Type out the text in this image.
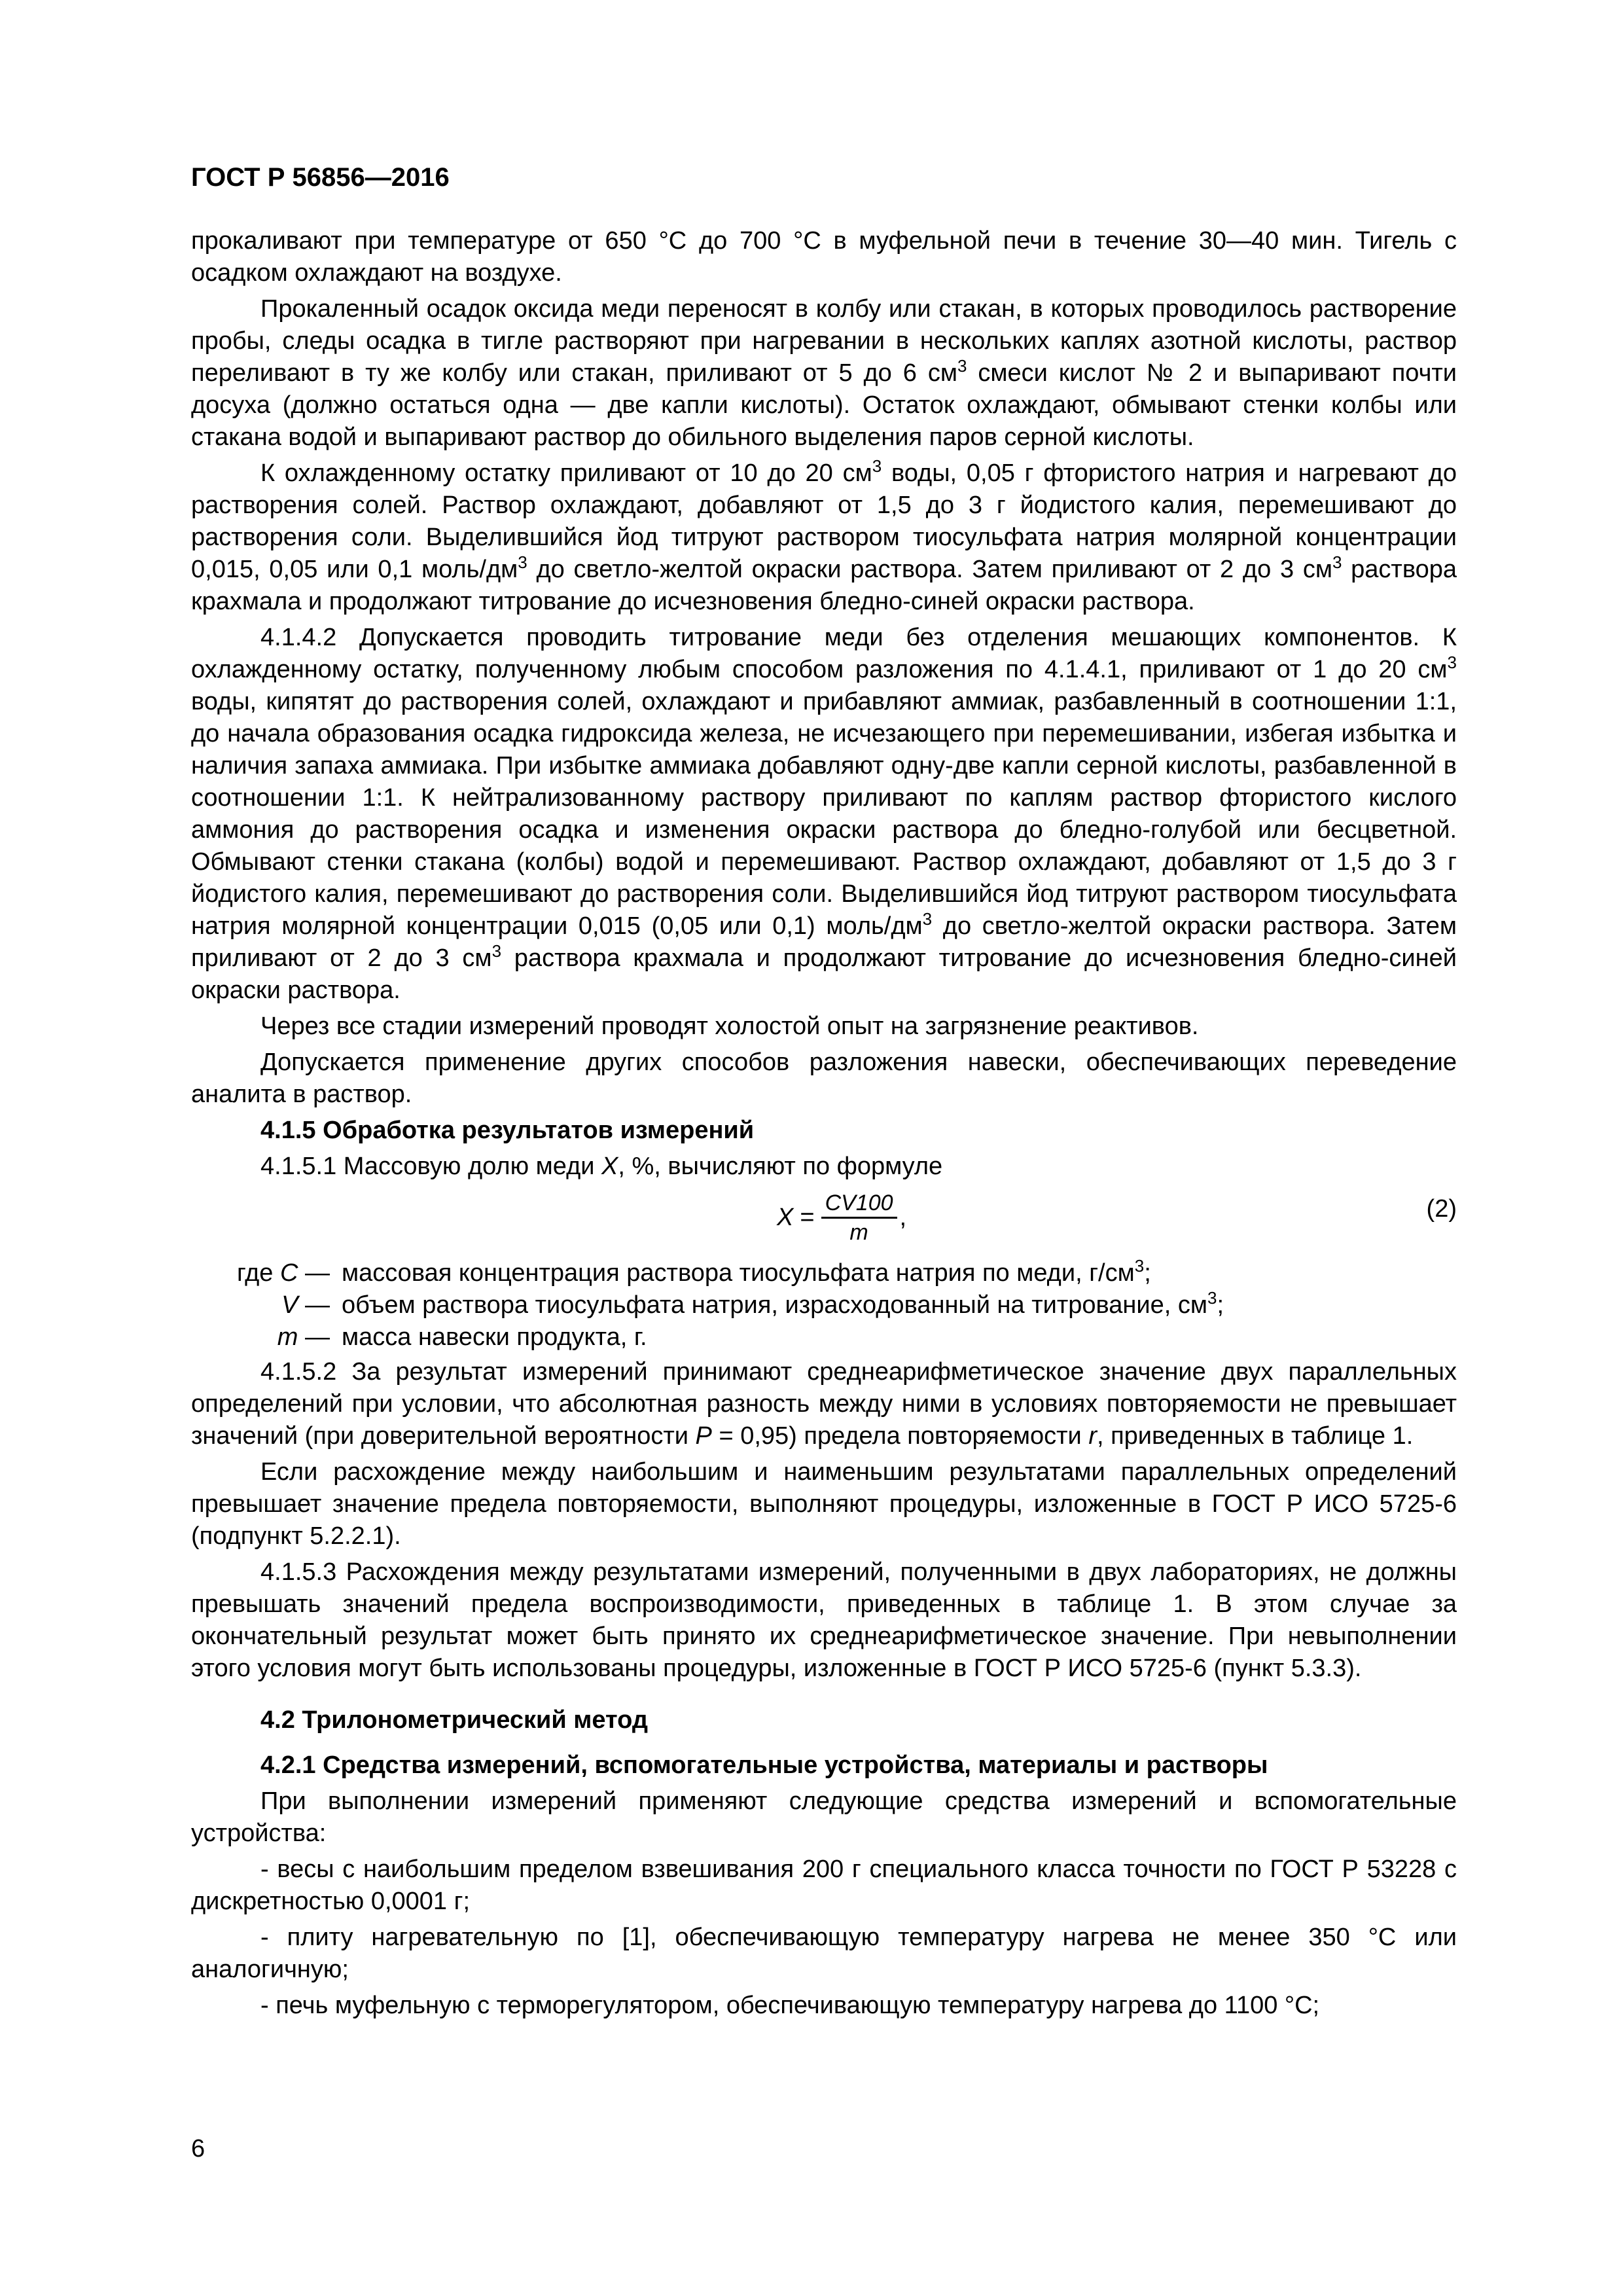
ГОСТ Р 56856—2016

прокаливают при температуре от 650 °С до 700 °С в муфельной печи в течение 30—40 мин. Тигель с осадком охлаждают на воздухе.

Прокаленный осадок оксида меди переносят в колбу или стакан, в которых проводилось растворение пробы, следы осадка в тигле растворяют при нагревании в нескольких каплях азотной кислоты, раствор переливают в ту же колбу или стакан, приливают от 5 до 6 $см^3$ смеси кислот № 2 и выпаривают почти досуха (должно остаться одна — две капли кислоты). Остаток охлаждают, обмывают стенки колбы или стакана водой и выпаривают раствор до обильного выделения паров серной кислоты.

К охлажденному остатку приливают от 10 до 20 $см^3$ воды, 0,05 г фтористого натрия и нагревают до растворения солей. Раствор охлаждают, добавляют от 1,5 до 3 г йодистого калия, перемешивают до растворения соли. Выделившийся йод титруют раствором тиосульфата натрия молярной концентрации 0,015, 0,05 или 0,1 моль/$дм^3$ до светло-желтой окраски раствора. Затем приливают от 2 до 3 $см^3$ раствора крахмала и продолжают титрование до исчезновения бледно-синей окраски раствора.

4.1.4.2 Допускается проводить титрование меди без отделения мешающих компонентов. К охлажденному остатку, полученному любым способом разложения по 4.1.4.1, приливают от 1 до 20 $см^3$ воды, кипятят до растворения солей, охлаждают и прибавляют аммиак, разбавленный в соотношении 1:1, до начала образования осадка гидроксида железа, не исчезающего при перемешивании, избегая избытка и наличия запаха аммиака. При избытке аммиака добавляют одну-две капли серной кислоты, разбавленной в соотношении 1:1. К нейтрализованному раствору приливают по каплям раствор фтористого кислого аммония до растворения осадка и изменения окраски раствора до бледно-голубой или бесцветной. Обмывают стенки стакана (колбы) водой и перемешивают. Раствор охлаждают, добавляют от 1,5 до 3 г йодистого калия, перемешивают до растворения соли. Выделившийся йод титруют раствором тиосульфата натрия молярной концентрации 0,015 (0,05 или 0,1) моль/$дм^3$ до светло-желтой окраски раствора. Затем приливают от 2 до 3 $см^3$ раствора крахмала и продолжают титрование до исчезновения бледно-синей окраски раствора.

Через все стадии измерений проводят холостой опыт на загрязнение реактивов.

Допускается применение других способов разложения навески, обеспечивающих переведение аналита в раствор.

4.1.5 Обработка результатов измерений

4.1.5.1 Массовую долю меди X, %, вычисляют по формуле

$X = \frac{CV100}{m}$ ,	(2)
где C — массовая концентрация раствора тиосульфата натрия по меди, $г/см^3$;
V — объем раствора тиосульфата натрия, израсходованный на титрование, $см^3$;
m — масса навески продукта, г.

4.1.5.2 За результат измерений принимают среднеарифметическое значение двух параллельных определений при условии, что абсолютная разность между ними в условиях повторяемости не превышает значений (при доверительной вероятности P = 0,95) предела повторяемости r, приведенных в таблице 1.

Если расхождение между наибольшим и наименьшим результатами параллельных определений превышает значение предела повторяемости, выполняют процедуры, изложенные в ГОСТ Р ИСО 5725-6 (подпункт 5.2.2.1).

4.1.5.3 Расхождения между результатами измерений, полученными в двух лабораториях, не должны превышать значений предела воспроизводимости, приведенных в таблице 1. В этом случае за окончательный результат может быть принято их среднеарифметическое значение. При невыполнении этого условия могут быть использованы процедуры, изложенные в ГОСТ Р ИСО 5725-6 (пункт 5.3.3).

4.2 Трилонометрический метод
4.2.1 Средства измерений, вспомогательные устройства, материалы и растворы

При выполнении измерений применяют следующие средства измерений и вспомогательные устройства:

- весы с наибольшим пределом взвешивания 200 г специального класса точности по ГОСТ Р 53228 с дискретностью 0,0001 г;

- плиту нагревательную по [1], обеспечивающую температуру нагрева не менее 350 °С или аналогичную;

- печь муфельную с терморегулятором, обеспечивающую температуру нагрева до 1100 °С;

6
